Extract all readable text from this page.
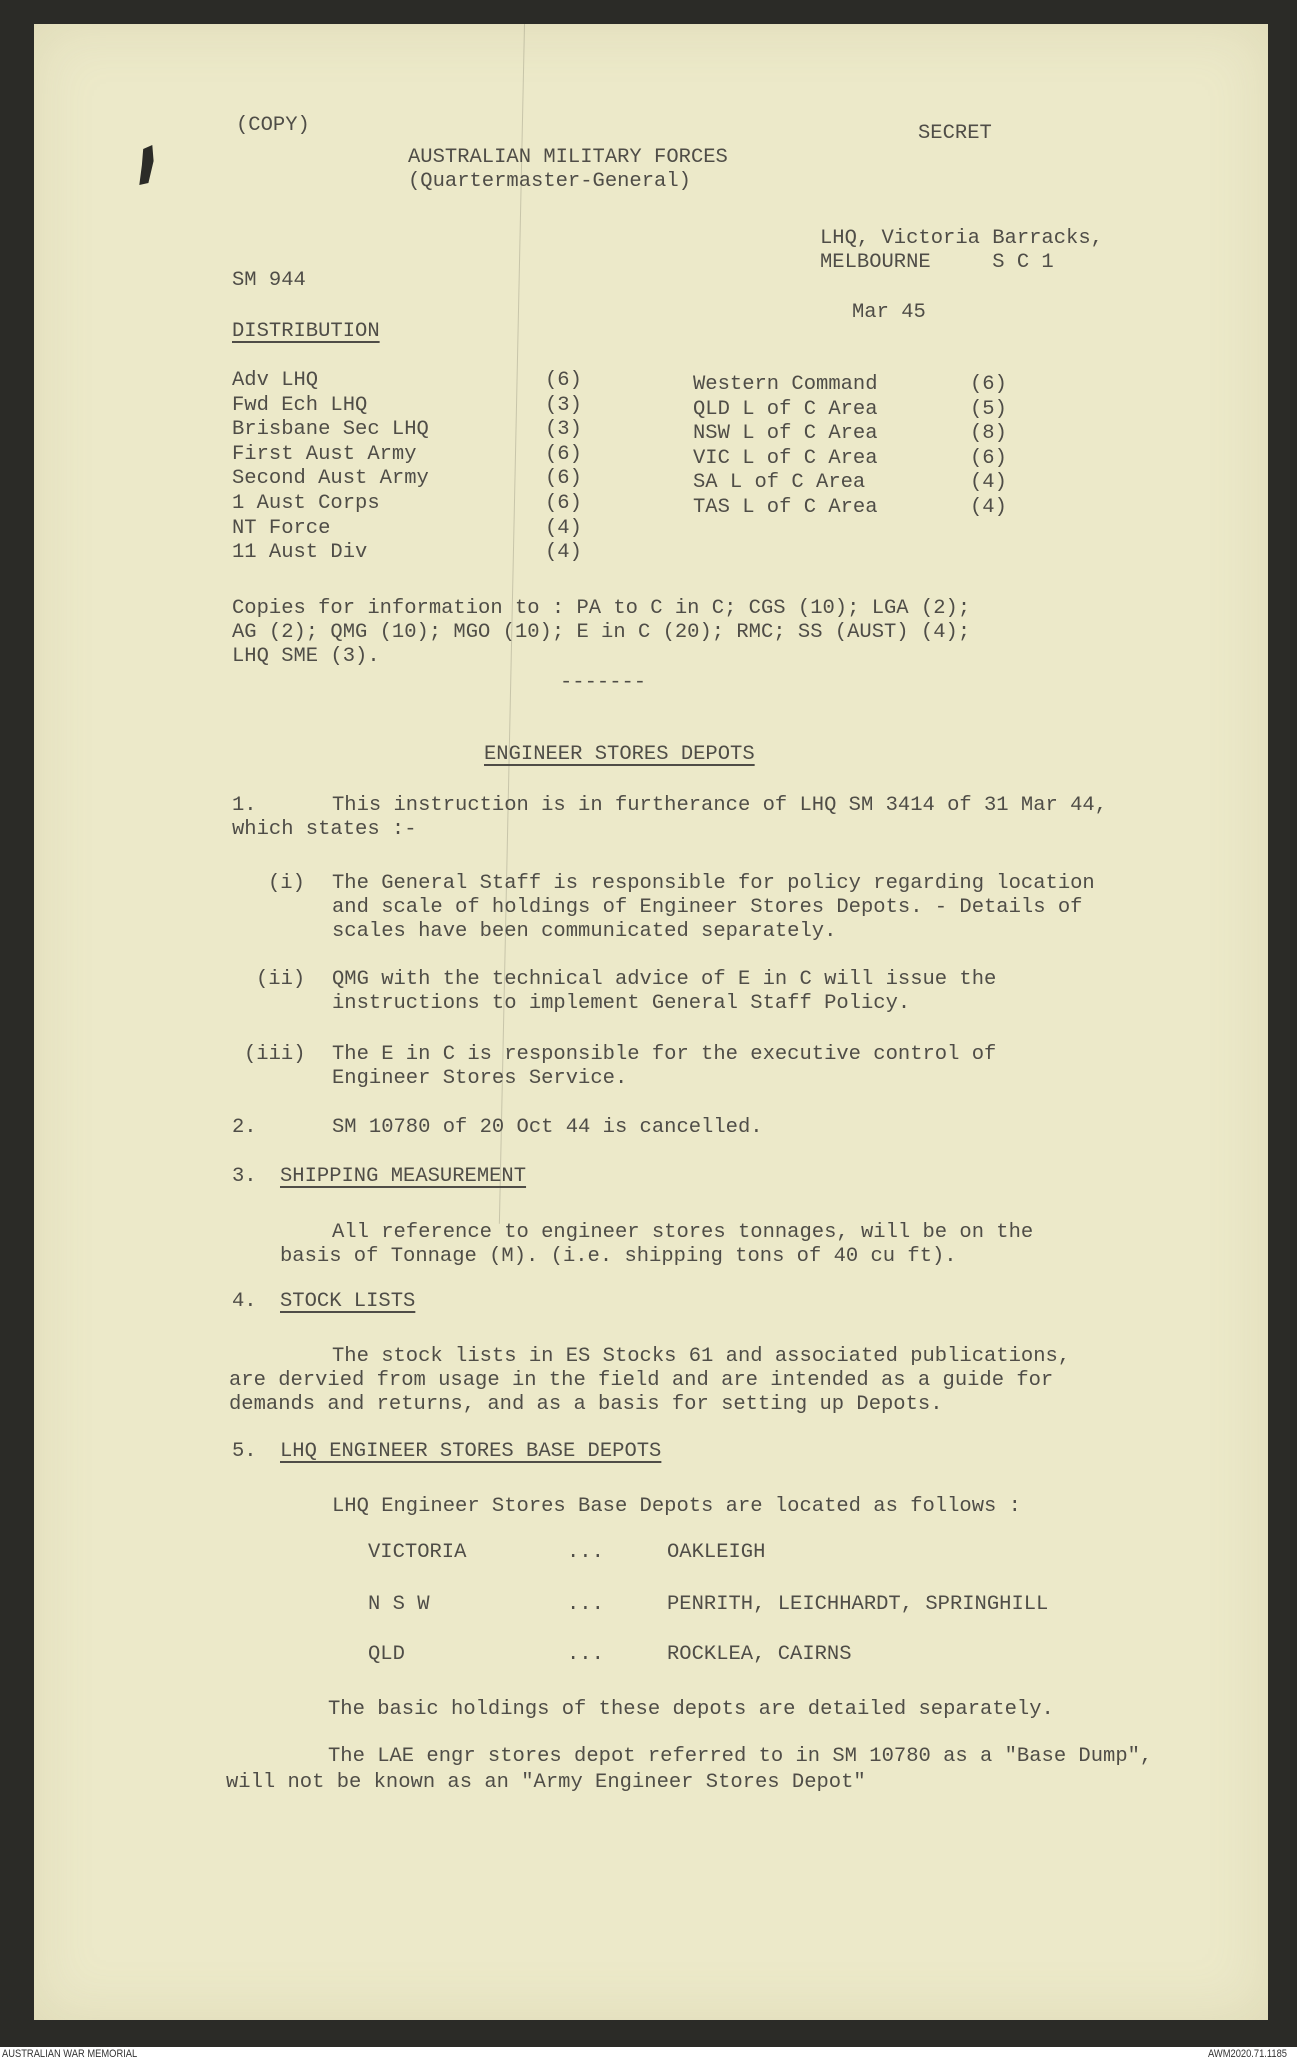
(COPY)	SECRET
AUSTRALIAN MILITARY FORCES
(Quartermaster-General)
LHQ, Victoria Barracks,
MELBOURNE     S C 1
SM 944
Mar 45
DISTRIBUTION
Adv LHQ	(6)
Fwd Ech LHQ	(3)
Brisbane Sec LHQ	(3)
First Aust Army	(6)
Second Aust Army	(6)
1 Aust Corps	(6)
NT Force	(4)
11 Aust Div	(4)
Western Command	(6)
QLD L of C Area	(5)
NSW L of C Area	(8)
VIC L of C Area	(6)
SA L of C Area	(4)
TAS L of C Area	(4)
Copies for information to : PA to C in C; CGS (10); LGA (2);
AG (2); QMG (10); MGO (10); E in C (20); RMC; SS (AUST) (4);
LHQ SME (3).
-------
ENGINEER STORES DEPOTS
1.	This instruction is in furtherance of LHQ SM 3414 of 31 Mar 44,
which states :-
(i) The General Staff is responsible for policy regarding location
and scale of holdings of Engineer Stores Depots. - Details of
scales have been communicated separately.
(ii) QMG with the technical advice of E in C will issue the
instructions to implement General Staff Policy.
(iii) The E in C is responsible for the executive control of
Engineer Stores Service.
2.	SM 10780 of 20 Oct 44 is cancelled.
3. SHIPPING MEASUREMENT
All reference to engineer stores tonnages, will be on the
basis of Tonnage (M). (i.e. shipping tons of 40 cu ft).
4. STOCK LISTS
The stock lists in ES Stocks 61 and associated publications,
are dervied from usage in the field and are intended as a guide for
demands and returns, and as a basis for setting up Depots.
5. LHQ ENGINEER STORES BASE DEPOTS
LHQ Engineer Stores Base Depots are located as follows :
VICTORIA	...	OAKLEIGH
N S W	...	PENRITH, LEICHHARDT, SPRINGHILL
QLD	...	ROCKLEA, CAIRNS
The basic holdings of these depots are detailed separately.
The LAE engr stores depot referred to in SM 10780 as a "Base Dump",
will not be known as an "Army Engineer Stores Depot"
AUSTRALIAN WAR MEMORIAL	AWM2020.71.1185
